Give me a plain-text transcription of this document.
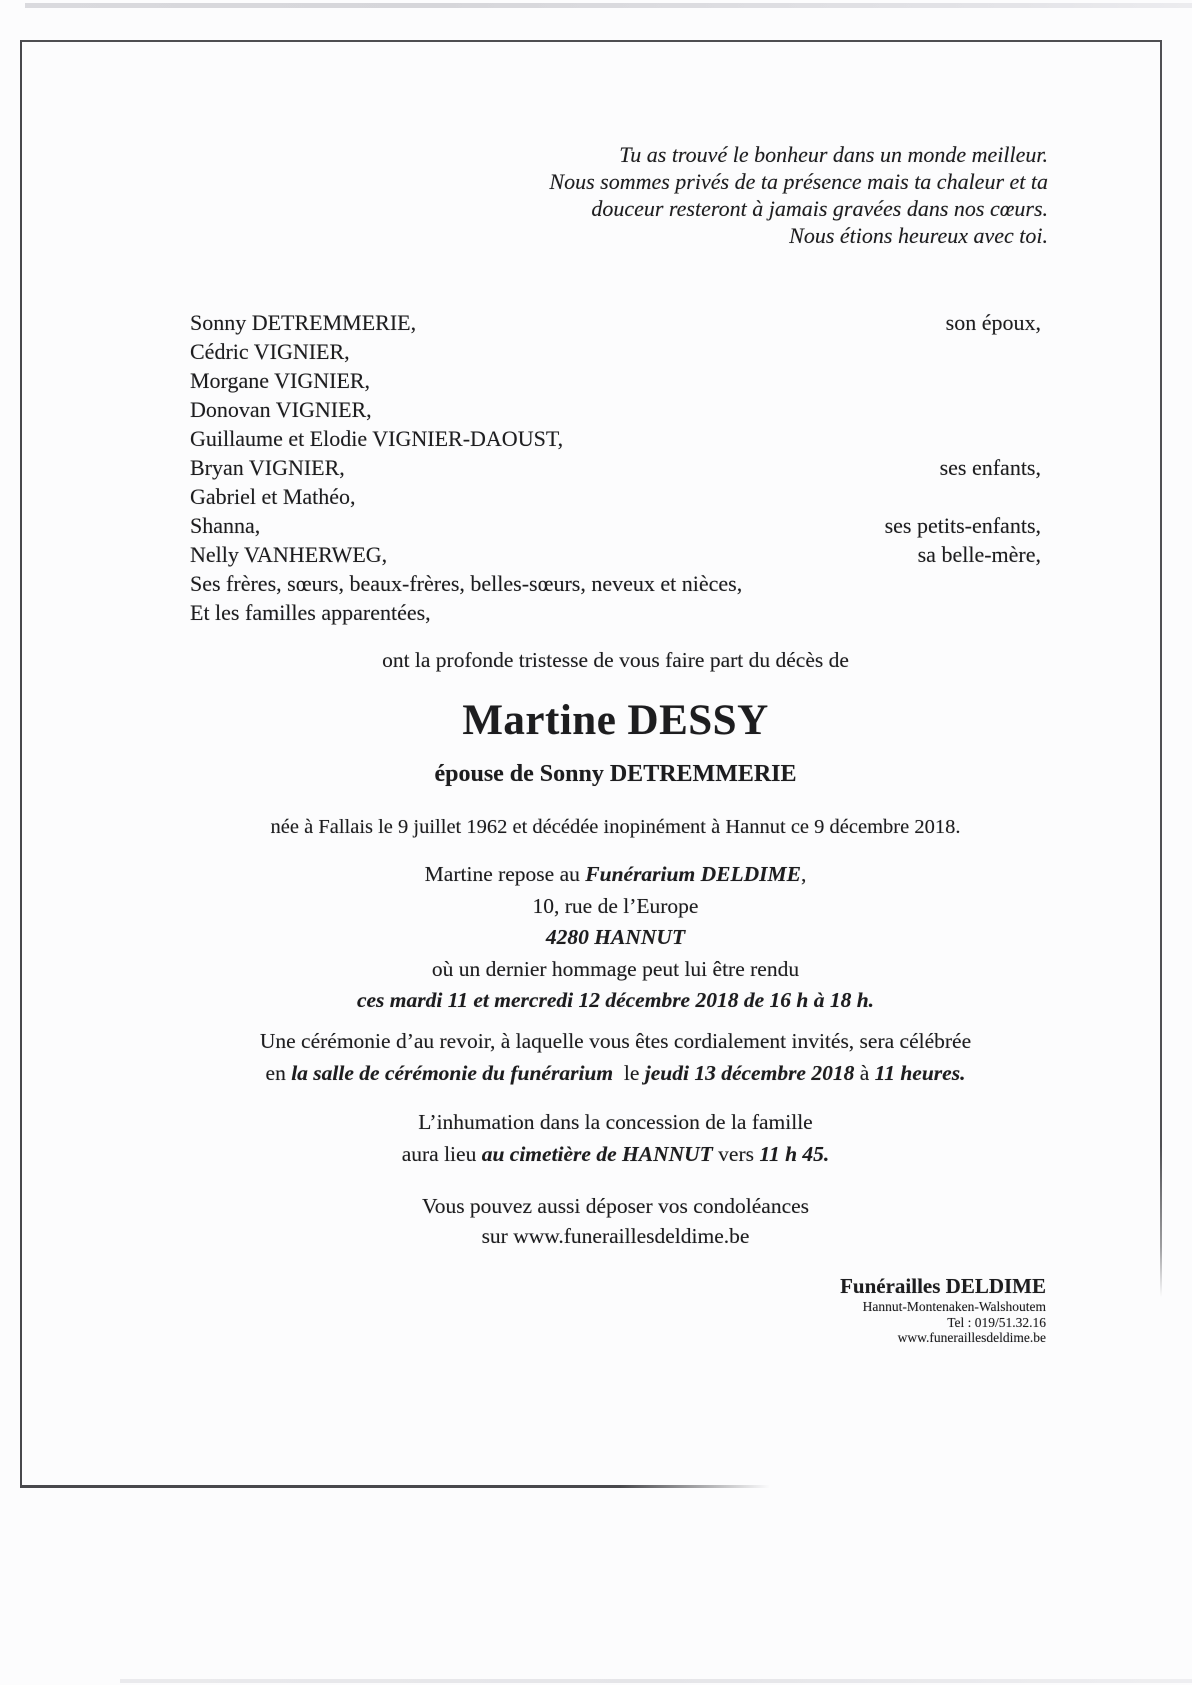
Tu as trouvé le bonheur dans un monde meilleur.
Nous sommes privés de ta présence mais ta chaleur et ta
douceur resteront à jamais gravées dans nos cœurs.
Nous étions heureux avec toi.
Sonny DETREMMERIE,	son époux,
Cédric VIGNIER,
Morgane VIGNIER,
Donovan VIGNIER,
Guillaume et Elodie VIGNIER-DAOUST,
Bryan VIGNIER,	ses enfants,
Gabriel et Mathéo,
Shanna,	ses petits-enfants,
Nelly VANHERWEG,	sa belle-mère,
Ses frères, sœurs, beaux-frères, belles-sœurs, neveux et nièces,
Et les familles apparentées,
ont la profonde tristesse de vous faire part du décès de
Martine DESSY
épouse de Sonny DETREMMERIE
née à Fallais le 9 juillet 1962 et décédée inopinément à Hannut ce 9 décembre 2018.
Martine repose au Funérarium DELDIME,
10, rue de l’Europe
4280 HANNUT
où un dernier hommage peut lui être rendu
ces mardi 11 et mercredi 12 décembre 2018 de 16 h à 18 h.
Une cérémonie d’au revoir, à laquelle vous êtes cordialement invités, sera célébrée
en la salle de cérémonie du funérarium  le jeudi 13 décembre 2018 à 11 heures.
L’inhumation dans la concession de la famille
aura lieu au cimetière de HANNUT vers 11 h 45.
Vous pouvez aussi déposer vos condoléances
sur www.funeraillesdeldime.be
Funérailles DELDIME
Hannut-Montenaken-Walshoutem
Tel : 019/51.32.16
www.funeraillesdeldime.be
